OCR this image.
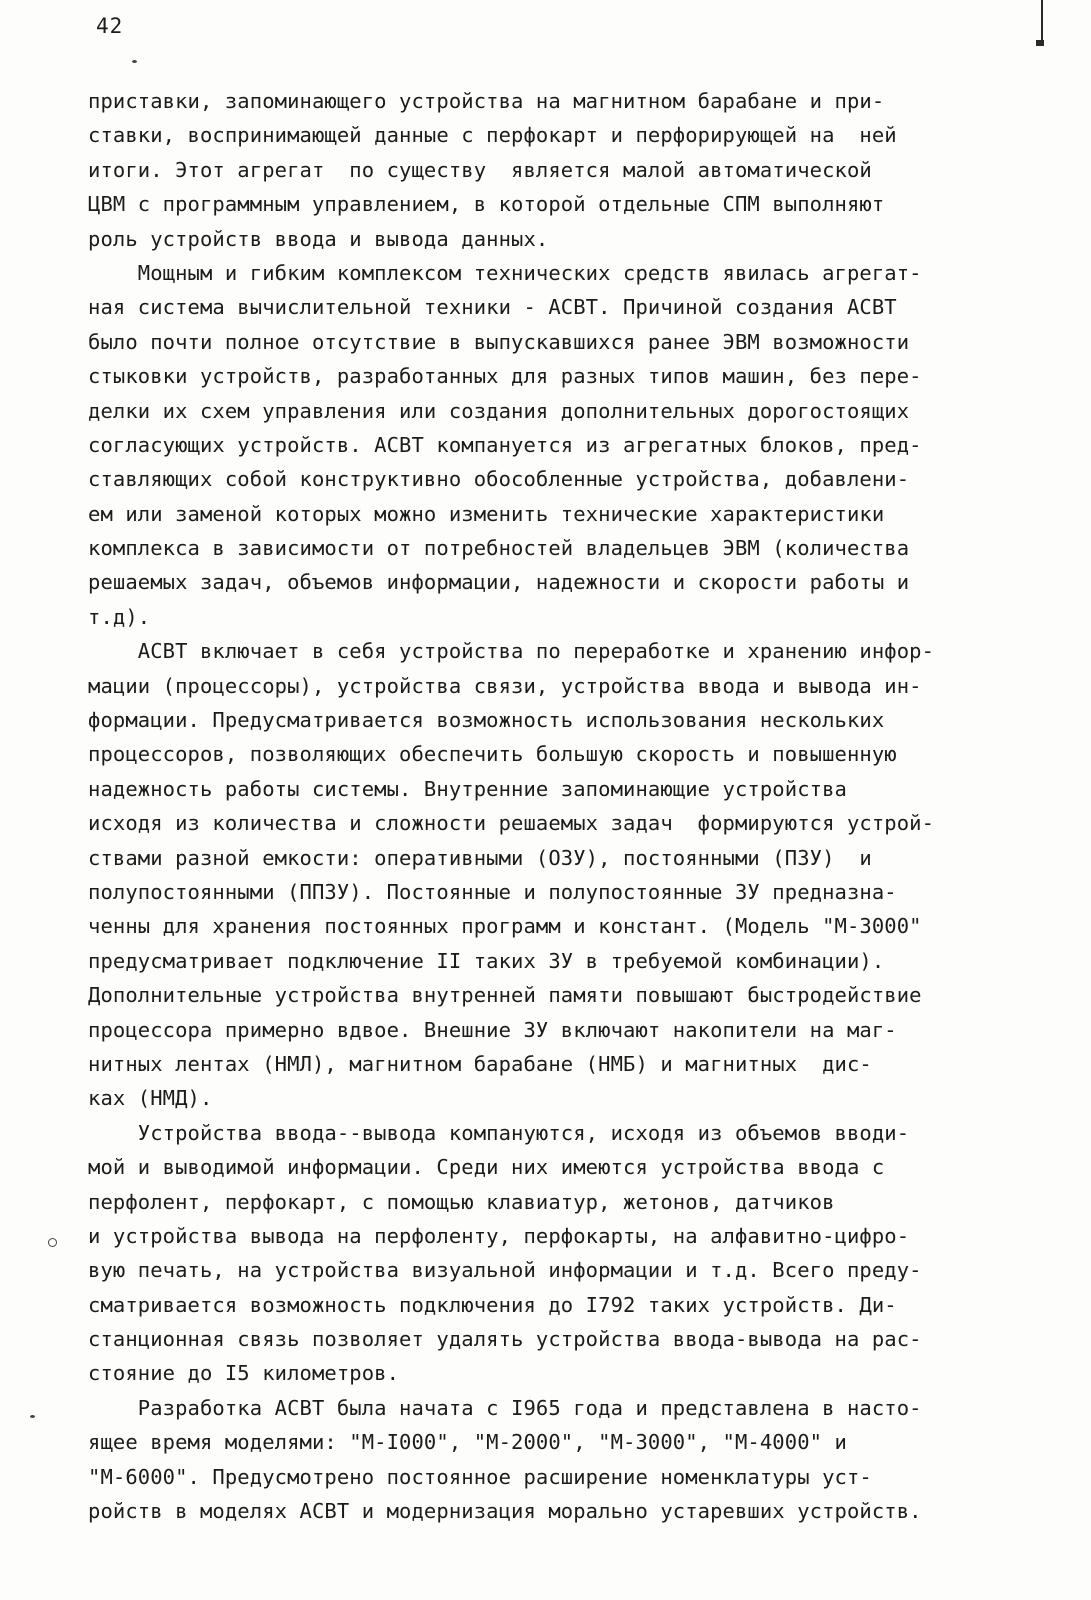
42
приставки, запоминающего устройства на магнитном барабане и при-
ставки, воспринимающей данные с перфокарт и перфорирующей на  ней
итоги. Этот агрегат  по существу  является малой автоматической
ЦВМ с программным управлением, в которой отдельные СПМ выполняют
роль устройств ввода и вывода данных.
Мощным и гибким комплексом технических средств явилась агрегат-
ная система вычислительной техники - АСВТ. Причиной создания АСВТ
было почти полное отсутствие в выпускавшихся ранее ЭВМ возможности
стыковки устройств, разработанных для разных типов машин, без пере-
делки их схем управления или создания дополнительных дорогостоящих
согласующих устройств. АСВТ компануется из агрегатных блоков, пред-
ставляющих собой конструктивно обособленные устройства, добавлени-
ем или заменой которых можно изменить технические характеристики
комплекса в зависимости от потребностей владельцев ЭВМ (количества
решаемых задач, объемов информации, надежности и скорости работы и
т.д).
АСВТ включает в себя устройства по переработке и хранению инфор-
мации (процессоры), устройства связи, устройства ввода и вывода ин-
формации. Предусматривается возможность использования нескольких
процессоров, позволяющих обеспечить большую скорость и повышенную
надежность работы системы. Внутренние запоминающие устройства
исходя из количества и сложности решаемых задач  формируются устрой-
ствами разной емкости: оперативными (ОЗУ), постоянными (ПЗУ)  и
полупостоянными (ППЗУ). Постоянные и полупостоянные ЗУ предназна-
ченны для хранения постоянных программ и констант. (Модель "М-3000"
предусматривает подключение II таких ЗУ в требуемой комбинации).
Дополнительные устройства внутренней памяти повышают быстродействие
процессора примерно вдвое. Внешние ЗУ включают накопители на маг-
нитных лентах (НМЛ), магнитном барабане (НМБ) и магнитных  дис-
ках (НМД).
Устройства ввода--вывода компануются, исходя из объемов вводи-
мой и выводимой информации. Среди них имеются устройства ввода с
перфолент, перфокарт, с помощью клавиатур, жетонов, датчиков
и устройства вывода на перфоленту, перфокарты, на алфавитно-цифро-
вую печать, на устройства визуальной информации и т.д. Всего преду-
сматривается возможность подключения до I792 таких устройств. Ди-
станционная связь позволяет удалять устройства ввода-вывода на рас-
стояние до I5 километров.
Разработка АСВТ была начата с I965 года и представлена в насто-
ящее время моделями: "М-I000", "М-2000", "М-3000", "М-4000" и
"М-6000". Предусмотрено постоянное расширение номенклатуры уст-
ройств в моделях АСВТ и модернизация морально устаревших устройств.
